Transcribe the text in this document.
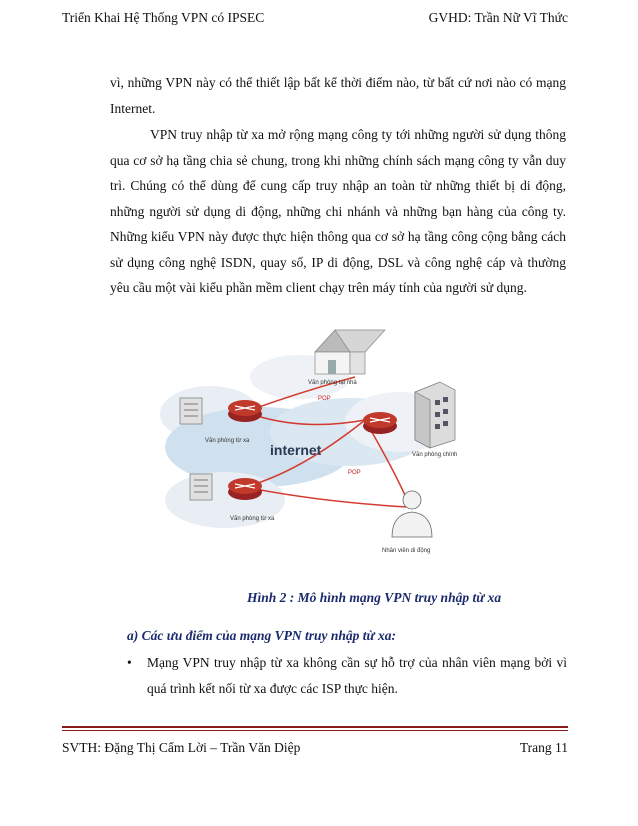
Triển Khai Hệ Thống VPN có IPSEC	GVHD: Trần Nữ Vĩ Thức
vì, những VPN này có thể thiết lập bất kể thời điểm nào, từ bất cứ nơi nào có mạng Internet.
VPN truy nhập từ xa mở rộng mạng công ty tới những người sử dụng thông qua cơ sở hạ tầng chia sẻ chung, trong khi những chính sách mạng công ty vẫn duy trì. Chúng có thể dùng để cung cấp truy nhập an toàn từ những thiết bị di động, những người sử dụng di động, những chi nhánh và những bạn hàng của công ty. Những kiểu VPN này được thực hiện thông qua cơ sở hạ tầng công cộng bằng cách sử dụng công nghệ ISDN, quay số, IP di động, DSL và công nghệ cáp và thường yêu cầu một vài kiểu phần mềm client chạy trên máy tính của người sử dụng.
Văn phòng tại nhà
Văn phòng từ xa
POP
Văn phòng chính
internet
Văn phòng từ xa
POP
Nhân viên di động
Hình 2 : Mô hình mạng VPN truy nhập từ xa
a) Các ưu điểm của mạng VPN truy nhập từ xa:
• Mạng VPN truy nhập từ xa không cần sự hỗ trợ của nhân viên mạng bởi vì quá trình kết nối từ xa được các ISP thực hiện.
SVTH: Đặng Thị Cẩm Lời – Trần Văn Diệp	Trang 11
